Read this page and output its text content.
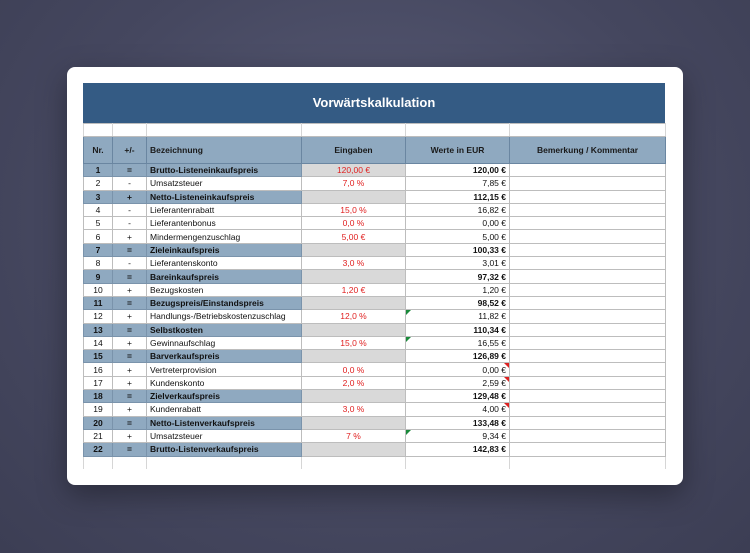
Vorwärtskalkulation

Nr.	+/-	Bezeichnung	Eingaben	Werte in EUR	Bemerkung / Kommentar
1	=	Brutto-Listeneinkaufspreis	120,00 €	120,00 €	
2	-	Umsatzsteuer	7,0 %	7,85 €	
3	+	Netto-Listeneinkaufspreis		112,15 €	
4	-	Lieferantenrabatt	15,0 %	16,82 €	
5	-	Lieferantenbonus	0,0 %	0,00 €	
6	+	Mindermengenzuschlag	5,00 €	5,00 €	
7	=	Zieleinkaufspreis		100,33 €	
8	-	Lieferantenskonto	3,0 %	3,01 €	
9	=	Bareinkaufspreis		97,32 €	
10	+	Bezugskosten	1,20 €	1,20 €	
11	=	Bezugspreis/Einstandspreis		98,52 €	
12	+	Handlungs-/Betriebskostenzuschlag	12,0 %	11,82 €	
13	=	Selbstkosten		110,34 €	
14	+	Gewinnaufschlag	15,0 %	16,55 €	
15	=	Barverkaufspreis		126,89 €	
16	+	Vertreterprovision	0,0 %	0,00 €	
17	+	Kundenskonto	2,0 %	2,59 €	
18	=	Zielverkaufspreis		129,48 €	
19	+	Kundenrabatt	3,0 %	4,00 €	
20	=	Netto-Listenverkaufspreis		133,48 €	
21	+	Umsatzsteuer	7 %	9,34 €	
22	=	Brutto-Listenverkaufspreis		142,83 €	
